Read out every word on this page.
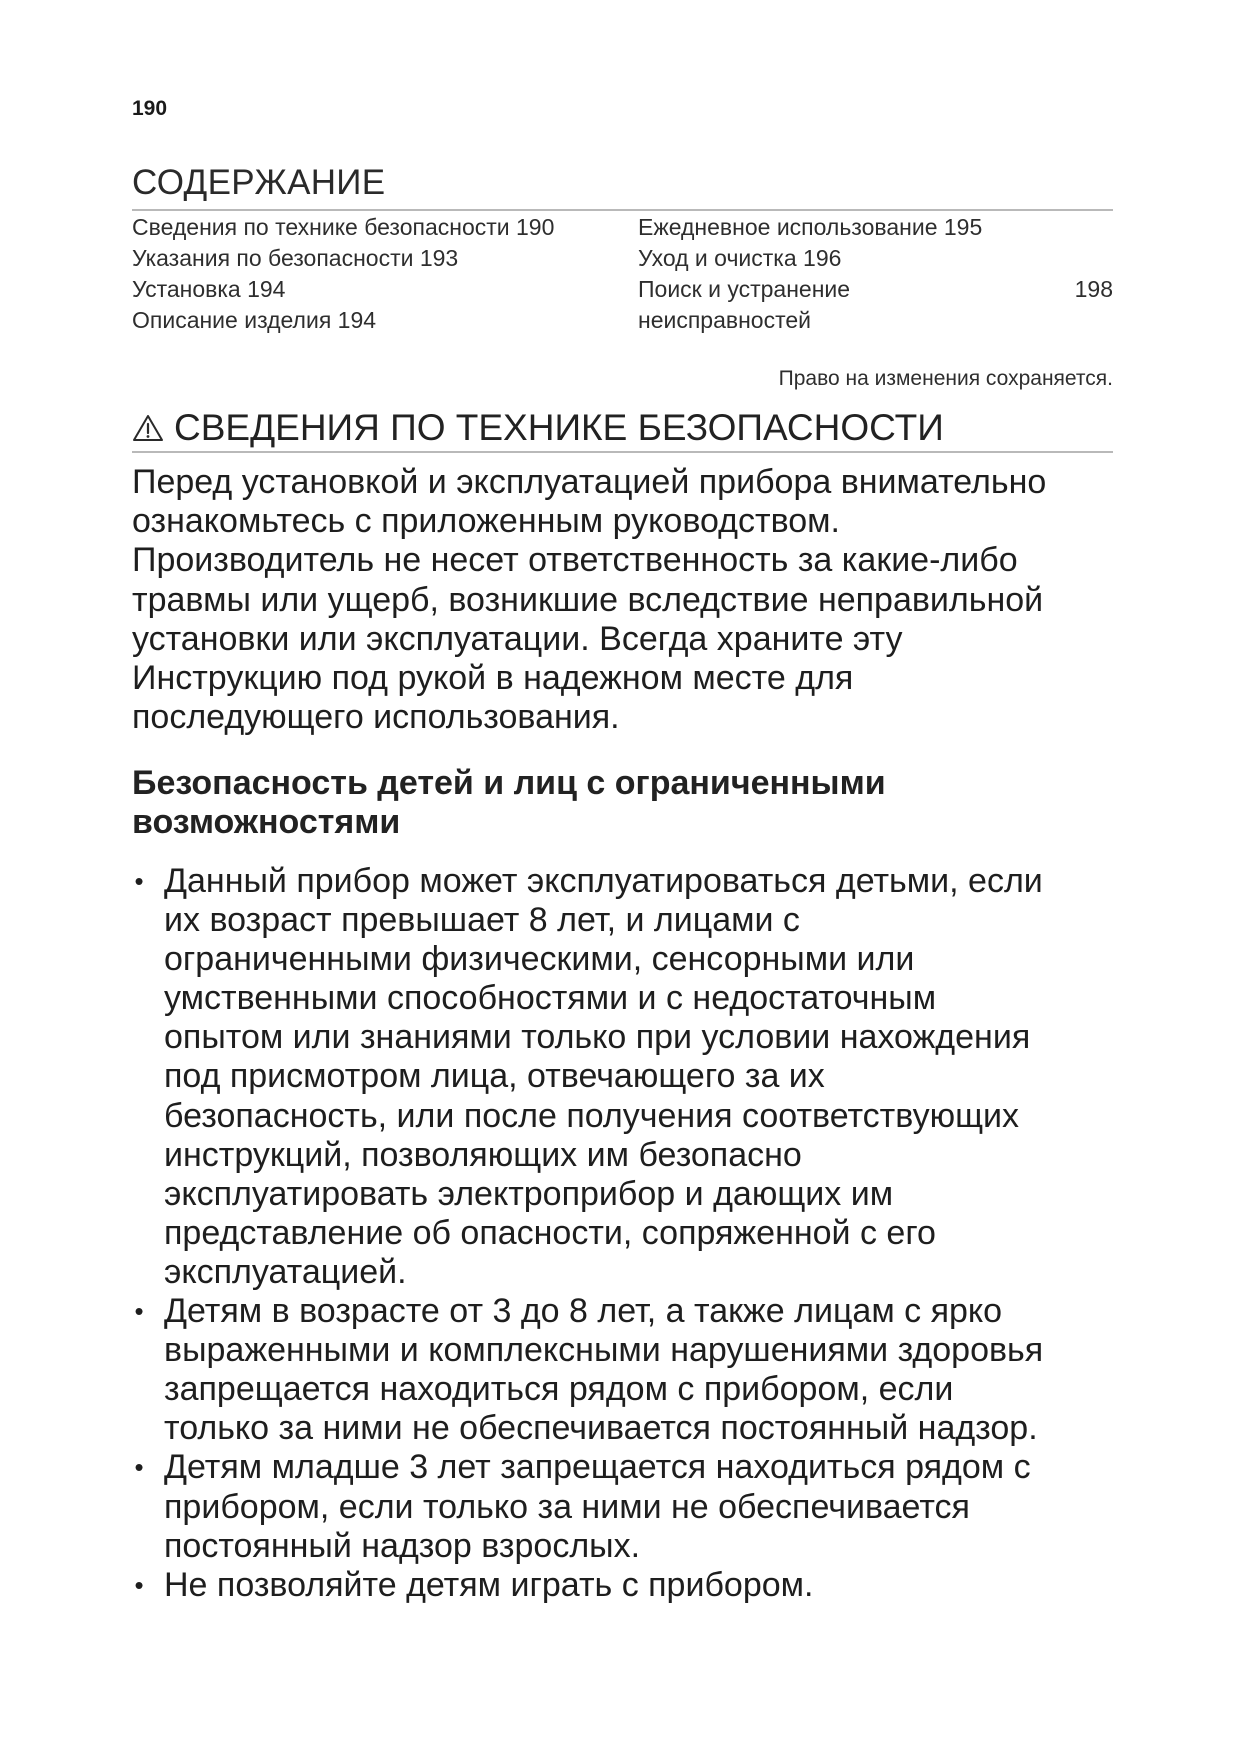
190
СОДЕРЖАНИЕ
Сведения по технике безопасности 190
Указания по безопасности 193
Установка 194
Описание изделия 194
Ежедневное использование 195
Уход и очистка 196
Поиск и устранение
неисправностей
198
Право на изменения сохраняется.
СВЕДЕНИЯ ПО ТЕХНИКЕ БЕЗОПАСНОСТИ
Перед установкой и эксплуатацией прибора внимательно
ознакомьтесь с приложенным руководством.
Производитель не несет ответственность за какие-либо
травмы или ущерб, возникшие вследствие неправильной
установки или эксплуатации. Всегда храните эту
Инструкцию под рукой в надежном месте для
последующего использования.
Безопасность детей и лиц с ограниченными
возможностями
• Данный прибор может эксплуатироваться детьми, если
их возраст превышает 8 лет, и лицами с
ограниченными физическими, сенсорными или
умственными способностями и с недостаточным
опытом или знаниями только при условии нахождения
под присмотром лица, отвечающего за их
безопасность, или после получения соответствующих
инструкций, позволяющих им безопасно
эксплуатировать электроприбор и дающих им
представление об опасности, сопряженной с его
эксплуатацией.
• Детям в возрасте от 3 до 8 лет, а также лицам с ярко
выраженными и комплексными нарушениями здоровья
запрещается находиться рядом с прибором, если
только за ними не обеспечивается постоянный надзор.
• Детям младше 3 лет запрещается находиться рядом с
прибором, если только за ними не обеспечивается
постоянный надзор взрослых.
• Не позволяйте детям играть с прибором.
